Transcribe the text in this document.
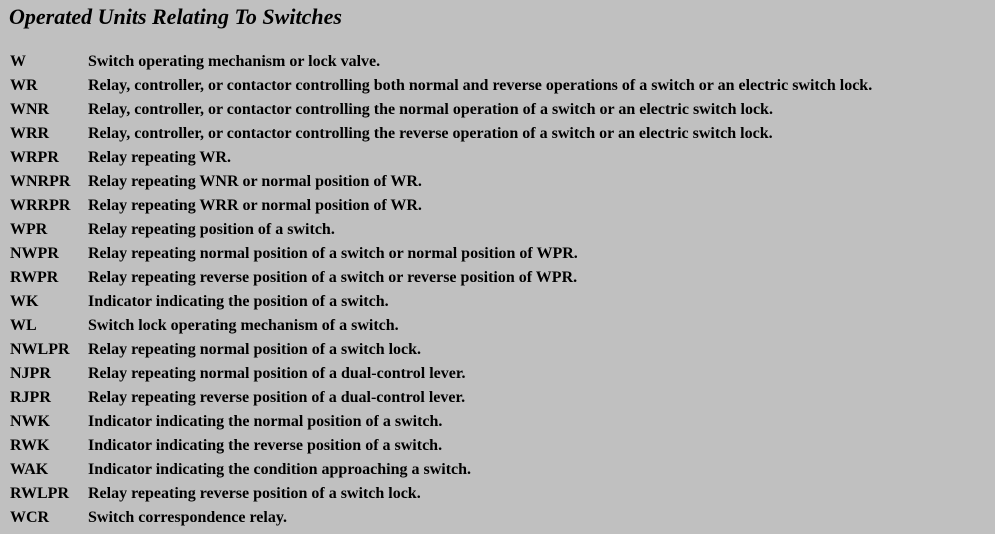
Operated Units Relating To Switches
W	Switch operating mechanism or lock valve.
WR	Relay, controller, or contactor controlling both normal and reverse operations of a switch or an electric switch lock.
WNR	Relay, controller, or contactor controlling the normal operation of a switch or an electric switch lock.
WRR	Relay, controller, or contactor controlling the reverse operation of a switch or an electric switch lock.
WRPR	Relay repeating WR.
WNRPR	Relay repeating WNR or normal position of WR.
WRRPR	Relay repeating WRR or normal position of WR.
WPR	Relay repeating position of a switch.
NWPR	Relay repeating normal position of a switch or normal position of WPR.
RWPR	Relay repeating reverse position of a switch or reverse position of WPR.
WK	Indicator indicating the position of a switch.
WL	Switch lock operating mechanism of a switch.
NWLPR	Relay repeating normal position of a switch lock.
NJPR	Relay repeating normal position of a dual-control lever.
RJPR	Relay repeating reverse position of a dual-control lever.
NWK	Indicator indicating the normal position of a switch.
RWK	Indicator indicating the reverse position of a switch.
WAK	Indicator indicating the condition approaching a switch.
RWLPR	Relay repeating reverse position of a switch lock.
WCR	Switch correspondence relay.
